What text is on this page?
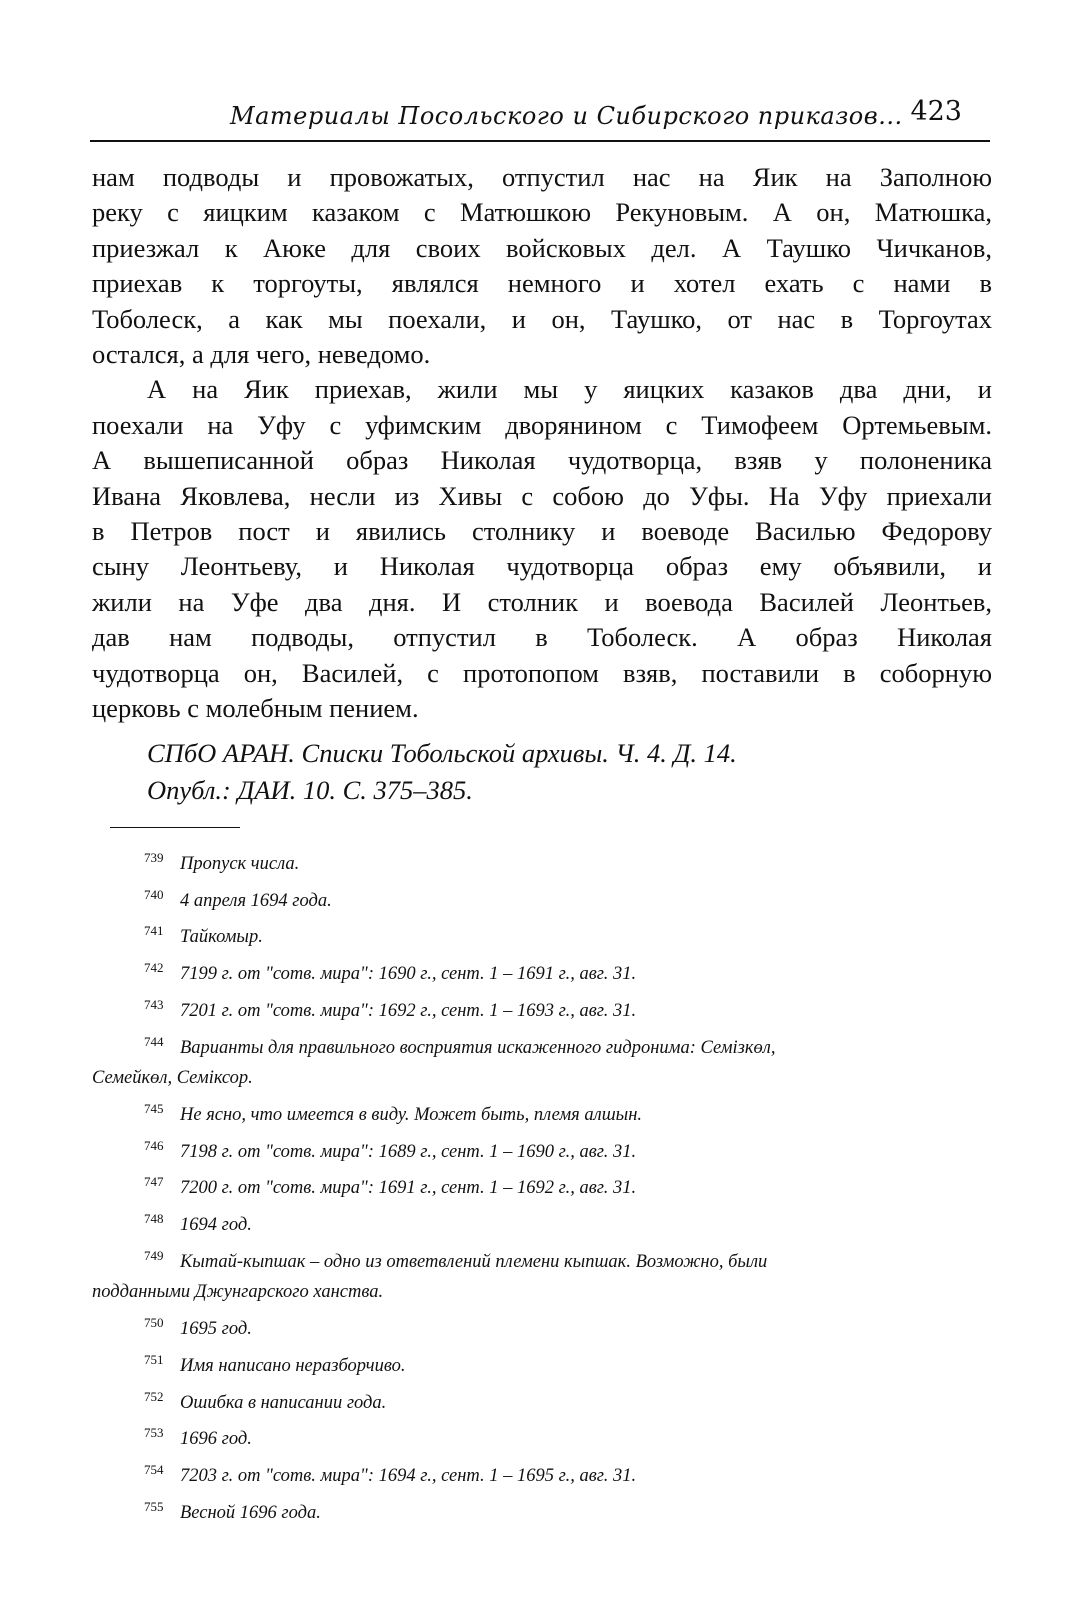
Материалы Посольского и Сибирского приказов... 423
нам подводы и провожатых, отпустил нас на Яик на Заполною
реку с яицким казаком с Матюшкою Рекуновым. А он, Матюшка,
приезжал к Аюке для своих войсковых дел. А Таушко Чичканов,
приехав к торгоуты, являлся немного и хотел ехать с нами в
Тоболеск, а как мы поехали, и он, Таушко, от нас в Торгоутах
остался, а для чего, неведомо.
А на Яик приехав, жили мы у яицких казаков два дни, и
поехали на Уфу с уфимским дворянином с Тимофеем Ортемьевым.
А вышеписанной образ Николая чудотворца, взяв у полоненика
Ивана Яковлева, несли из Хивы с собою до Уфы. На Уфу приехали
в Петров пост и явились столнику и воеводе Василью Федорову
сыну Леонтьеву, и Николая чудотворца образ ему объявили, и
жили на Уфе два дня. И столник и воевода Василей Леонтьев,
дав нам подводы, отпустил в Тоболеск. А образ Николая
чудотворца он, Василей, с протопопом взяв, поставили в соборную
церковь с молебным пением.
СПбО АРАН. Списки Тобольской архивы. Ч. 4. Д. 14.
Опубл.: ДАИ. 10. С. 375–385.
739 Пропуск числа.
740 4 апреля 1694 года.
741 Тайкомыр.
742 7199 г. от "сотв. мира": 1690 г., сент. 1 – 1691 г., авг. 31.
743 7201 г. от "сотв. мира": 1692 г., сент. 1 – 1693 г., авг. 31.
744 Варианты для правильного восприятия искаженного гидронима: Семізкөл,
Семейкөл, Семіксор.
745 Не ясно, что имеется в виду. Может быть, племя алшын.
746 7198 г. от "сотв. мира": 1689 г., сент. 1 – 1690 г., авг. 31.
747 7200 г. от "сотв. мира": 1691 г., сент. 1 – 1692 г., авг. 31.
748 1694 год.
749 Кытай-кыпшак – одно из ответвлений племени кыпшак. Возможно, были
подданными Джунгарского ханства.
750 1695 год.
751 Имя написано неразборчиво.
752 Ошибка в написании года.
753 1696 год.
754 7203 г. от "сотв. мира": 1694 г., сент. 1 – 1695 г., авг. 31.
755 Весной 1696 года.
